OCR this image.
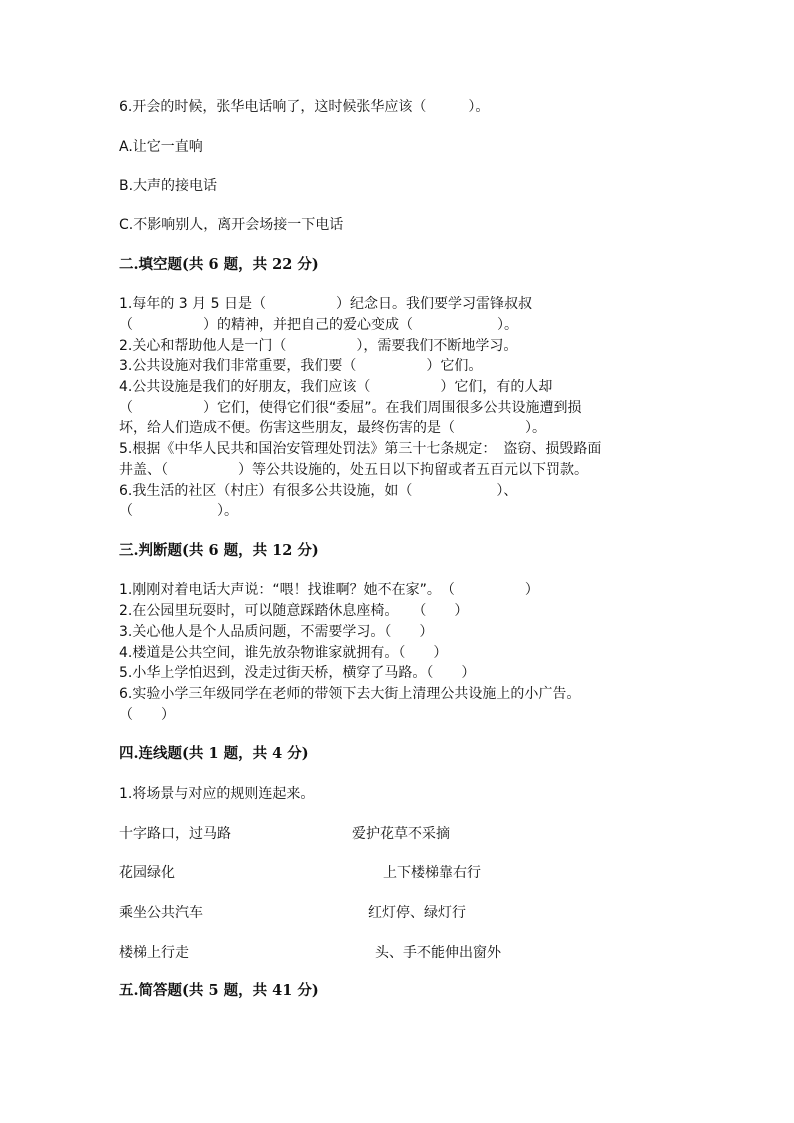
6.开会的时候，张华电话响了，这时候张华应该（　　　）。
A.让它一直响
B.大声的接电话
C.不影响别人，离开会场接一下电话
二.填空题(共 6 题，共 22 分)
1.每年的 3 月 5 日是（　　　　　）纪念日。我们要学习雷锋叔叔
（　　　　　）的精神，并把自己的爱心变成（　　　　　　）。
2.关心和帮助他人是一门（　　　　　），需要我们不断地学习。
3.公共设施对我们非常重要，我们要（　　　　　）它们。
4.公共设施是我们的好朋友，我们应该（　　　　　）它们，有的人却
（　　　　　）它们，使得它们很“委屈”。在我们周围很多公共设施遭到损
坏，给人们造成不便。伤害这些朋友，最终伤害的是（　　　　　）。
5.根据《中华人民共和国治安管理处罚法》第三十七条规定：　盗窃、损毁路面
井盖、（　　　　　）等公共设施的，处五日以下拘留或者五百元以下罚款。
6.我生活的社区（村庄）有很多公共设施，如（　　　　　　）、
（　　　　　　）。
三.判断题(共 6 题，共 12 分)
1.刚刚对着电话大声说：“喂！找谁啊？她不在家”。　（　　　　　）
2.在公园里玩耍时，可以随意踩踏休息座椅。　　（　　）
3.关心他人是个人品质问题，不需要学习。（　　）
4.楼道是公共空间，谁先放杂物谁家就拥有。（　　）
5.小华上学怕迟到，没走过街天桥，横穿了马路。（　　）
6.实验小学三年级同学在老师的带领下去大街上清理公共设施上的小广告。
（　　）
四.连线题(共 1 题，共 4 分)
1.将场景与对应的规则连起来。
十字路口，过马路
花园绿化
乘坐公共汽车
楼梯上行走
爱护花草不采摘
上下楼梯靠右行
红灯停、绿灯行
头、手不能伸出窗外
五.简答题(共 5 题，共 41 分)
